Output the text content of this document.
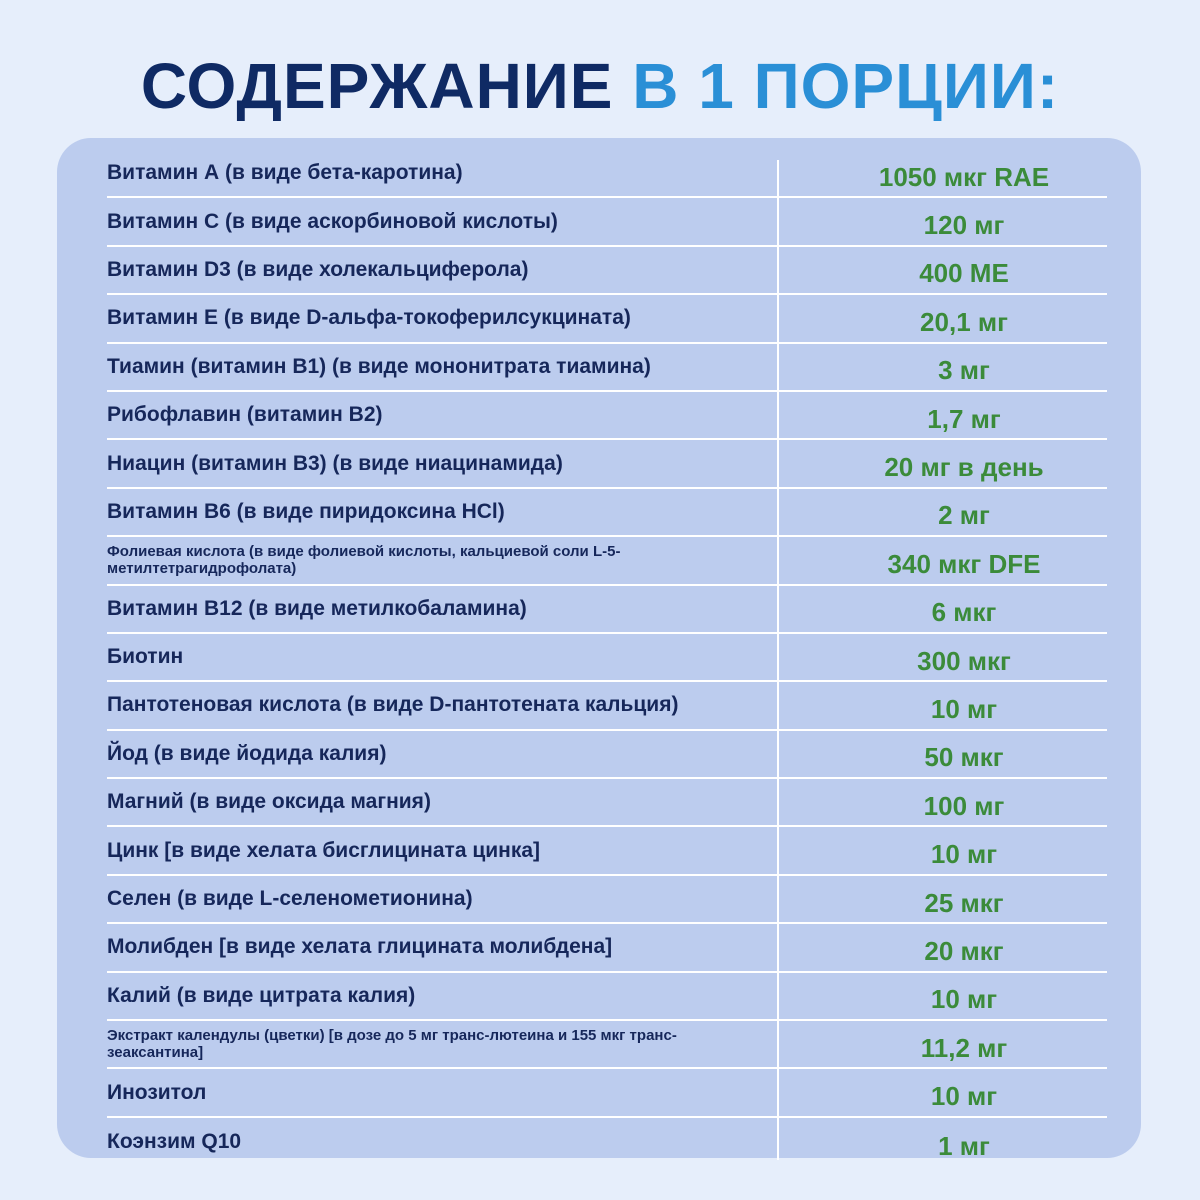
СОДЕРЖАНИЕ В 1 ПОРЦИИ:
Витамин А (в виде бета-каротина)	1050 мкг RAE
Витамин С (в виде аскорбиновой кислоты)	120 мг
Витамин D3 (в виде холекальциферола)	400 МЕ
Витамин Е (в виде D-альфа-токоферилсукцината)	20,1 мг
Тиамин (витамин В1) (в виде мононитрата тиамина)	3 мг
Рибофлавин (витамин В2)	1,7 мг
Ниацин (витамин В3) (в виде ниацинамида)	20 мг в день
Витамин В6 (в виде пиридоксина HCl)	2 мг
Фолиевая кислота (в виде фолиевой кислоты, кальциевой соли L-5-метилтетрагидрофолата)	340 мкг DFE
Витамин В12 (в виде метилкобаламина)	6 мкг
Биотин	300 мкг
Пантотеновая кислота (в виде D-пантотената кальция)	10 мг
Йод (в виде йодида калия)	50 мкг
Магний (в виде оксида магния)	100 мг
Цинк [в виде хелата бисглицината цинка]	10 мг
Селен (в виде L-селенометионина)	25 мкг
Молибден [в виде хелата глицината молибдена]	20 мкг
Калий (в виде цитрата калия)	10 мг
Экстракт календулы (цветки) [в дозе до 5 мг транс-лютеина и 155 мкг транс-зеаксантина]	11,2 мг
Инозитол	10 мг
Коэнзим Q10	1 мг
